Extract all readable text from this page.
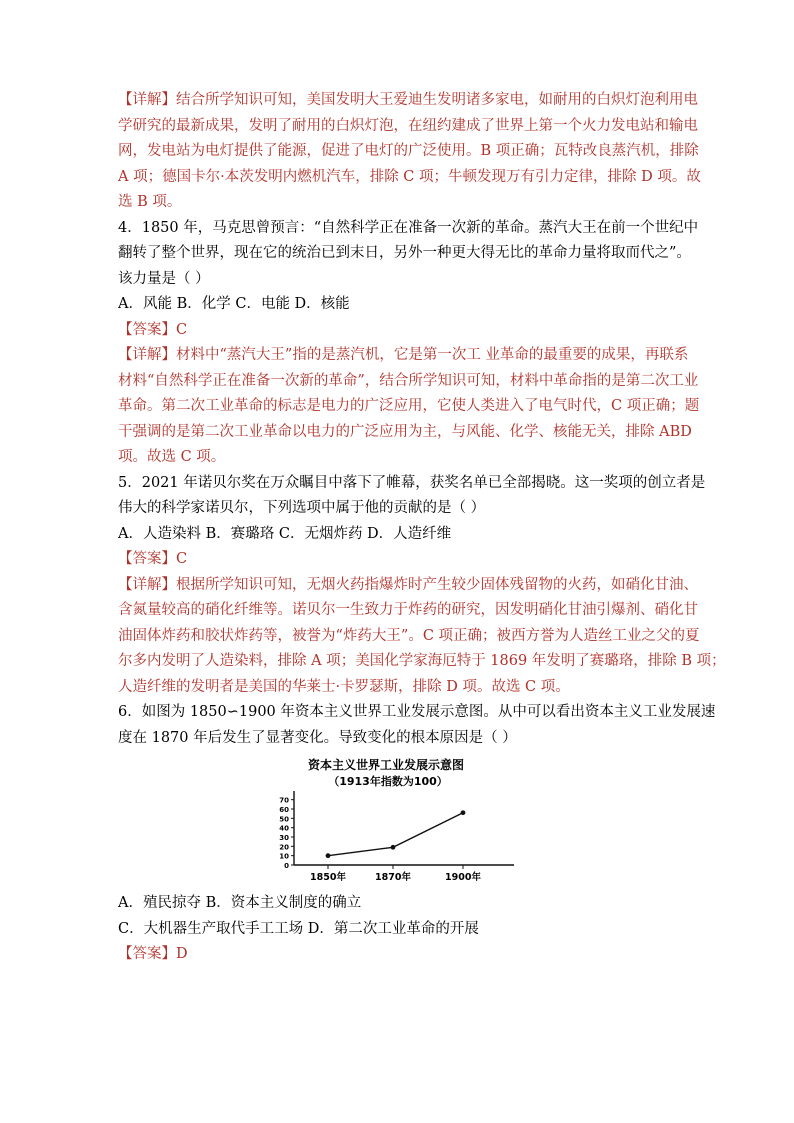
【详解】结合所学知识可知，美国发明大王爱迪生发明诸多家电，如耐用的白炽灯泡利用电
学研究的最新成果，发明了耐用的白炽灯泡，在纽约建成了世界上第一个火力发电站和输电
网，发电站为电灯提供了能源，促进了电灯的广泛使用。B 项正确；瓦特改良蒸汽机，排除
A 项；德国卡尔·本茨发明内燃机汽车，排除 C 项；牛顿发现万有引力定律，排除 D 项。故
选 B 项。
4．1850 年，马克思曾预言：“自然科学正在准备一次新的革命。蒸汽大王在前一个世纪中
翻转了整个世界，现在它的统治已到末日，另外一种更大得无比的革命力量将取而代之”。
该力量是（ ）
A．风能 B．化学 C．电能 D．核能
【答案】C
【详解】材料中“蒸汽大王”指的是蒸汽机，它是第一次工 业革命的最重要的成果，再联系
材料“自然科学正在准备一次新的革命”，结合所学知识可知，材料中革命指的是第二次工业
革命。第二次工业革命的标志是电力的广泛应用，它使人类进入了电气时代，C 项正确；题
干强调的是第二次工业革命以电力的广泛应用为主，与风能、化学、核能无关，排除 ABD
项。故选 C 项。
5．2021 年诺贝尔奖在万众瞩目中落下了帷幕，获奖名单已全部揭晓。这一奖项的创立者是
伟大的科学家诺贝尔，下列选项中属于他的贡献的是（ ）
A．人造染料 B．赛璐珞 C．无烟炸药 D．人造纤维
【答案】C
【详解】根据所学知识可知，无烟火药指爆炸时产生较少固体残留物的火药，如硝化甘油、
含氮量较高的硝化纤维等。诺贝尔一生致力于炸药的研究，因发明硝化甘油引爆剂、硝化甘
油固体炸药和胶状炸药等，被誉为“炸药大王”。C 项正确；被西方誉为人造丝工业之父的夏
尔多内发明了人造染料，排除 A 项；美国化学家海厄特于 1869 年发明了赛璐珞，排除 B 项；
人造纤维的发明者是美国的华莱士·卡罗瑟斯，排除 D 项。故选 C 项。
6．如图为 1850∽1900 年资本主义世界工业发展示意图。从中可以看出资本主义工业发展速
度在 1870 年后发生了显著变化。导致变化的根本原因是（ ）
资本主义世界工业发展示意图
（1913年指数为100）
0
10
20
30
40
50
60
70
1850年	1870年	1900年
A．殖民掠夺 B．资本主义制度的确立
C．大机器生产取代手工工场 D．第二次工业革命的开展
【答案】D
